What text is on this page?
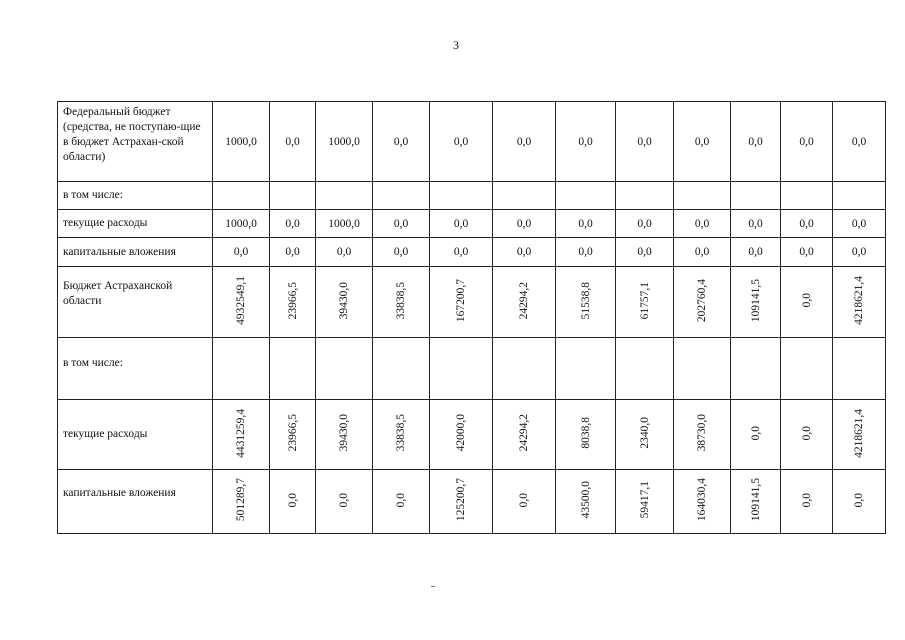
3
Федеральный бюджет (средства, не поступаю-щие в бюджет Астрахан-ской области)	1000,0	0,0	1000,0	0,0	0,0	0,0	0,0	0,0	0,0	0,0	0,0	0,0
в том числе:												
текущие расходы	1000,0	0,0	1000,0	0,0	0,0	0,0	0,0	0,0	0,0	0,0	0,0	0,0
капитальные вложения	0,0	0,0	0,0	0,0	0,0	0,0	0,0	0,0	0,0	0,0	0,0	0,0
Бюджет Астраханской области	4932549,1	23966,5	39430,0	33838,5	167200,7	24294,2	51538,8	61757,1	202760,4	109141,5	0,0	4218621,4
в том числе:												
текущие расходы	4431259,4	23966,5	39430,0	33838,5	42000,0	24294,2	8038,8	2340,0	38730,0	0,0	0,0	4218621,4
капитальные вложения	501289,7	0,0	0,0	0,0	125200,7	0,0	43500,0	59417,1	164030,4	109141,5	0,0	0,0
